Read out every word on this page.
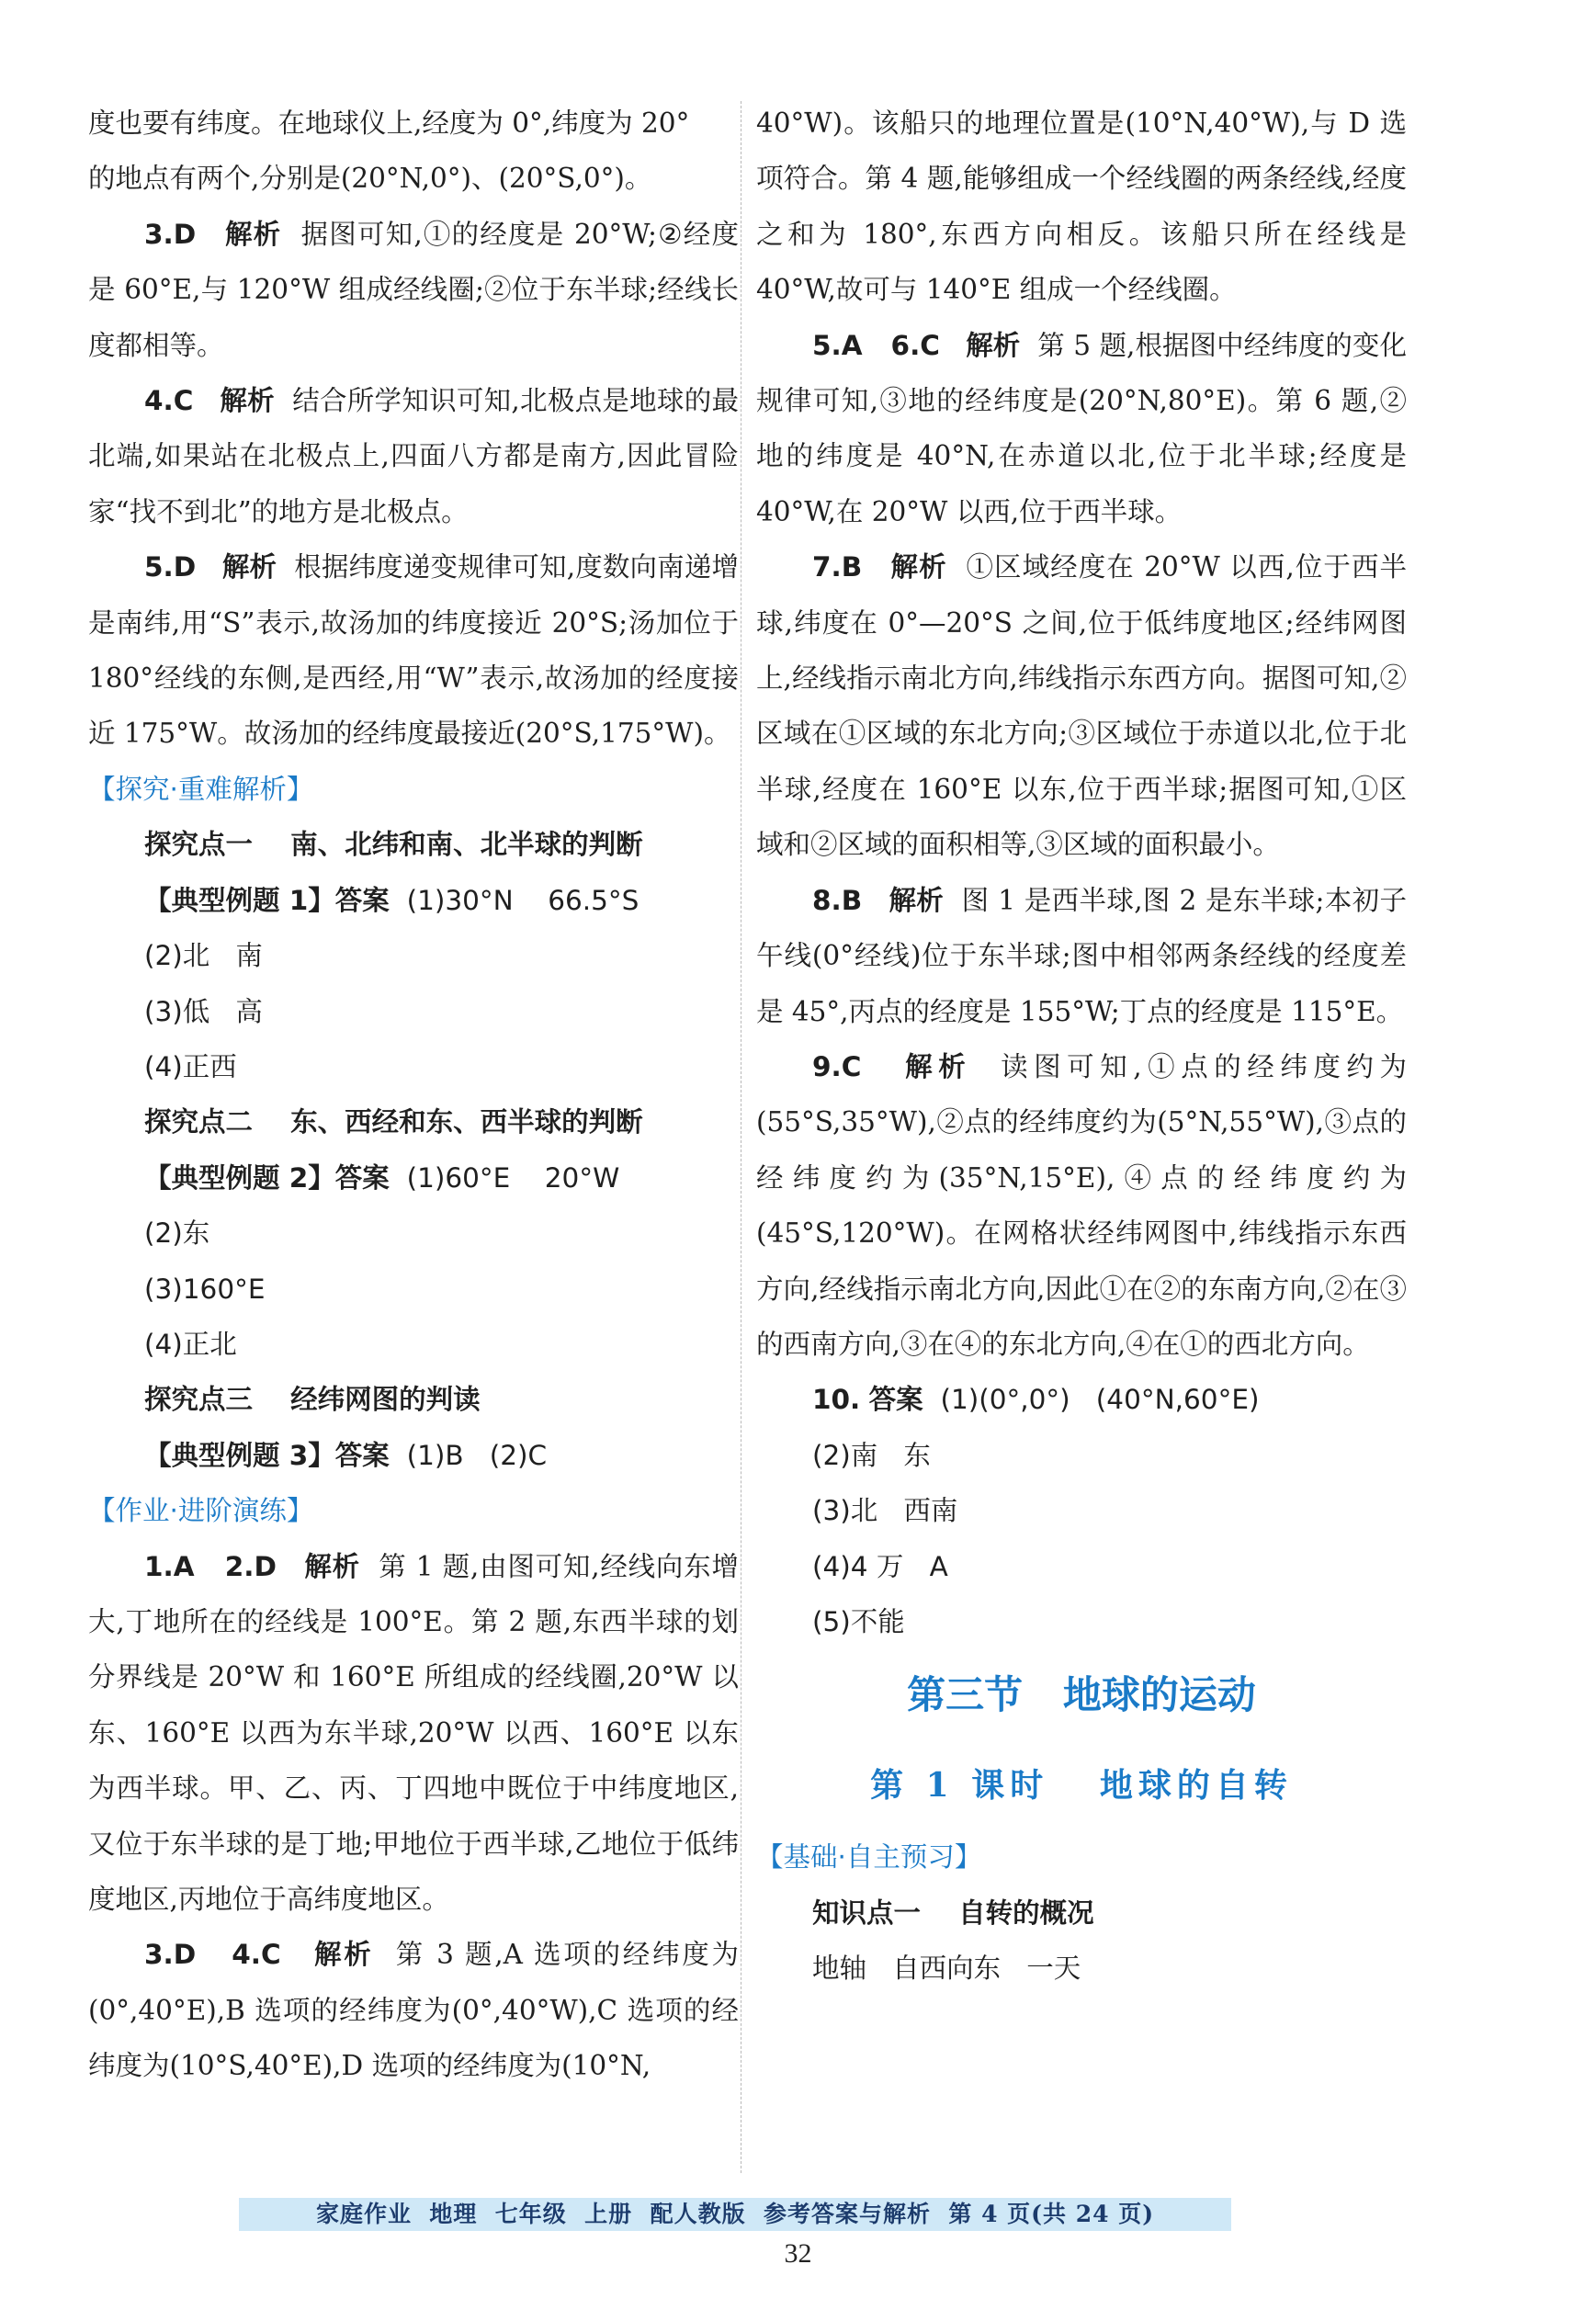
度也要有纬度。在地球仪上,经度为 0°,纬度为 20°

的地点有两个,分别是(20°N,0°)、(20°S,0°)。

3.D 解析 据图可知,①的经度是 20°W;②经度是 60°E,与 120°W 组成经线圈;②位于东半球;经线长度都相等。

4.C 解析 结合所学知识可知,北极点是地球的最北端,如果站在北极点上,四面八方都是南方,因此冒险家“找不到北”的地方是北极点。

5.D 解析 根据纬度递变规律可知,度数向南递增是南纬,用“S”表示,故汤加的纬度接近 20°S;汤加位于 180°经线的东侧,是西经,用“W”表示,故汤加的经度接近 175°W。故汤加的经纬度最接近(20°S,175°W)。

【探究·重难解析】

探究点一 南、北纬和南、北半球的判断

【典型例题 1】答案 (1)30°N    66.5°S

(2)北   南

(3)低   高

(4)正西

探究点二 东、西经和东、西半球的判断

【典型例题 2】答案 (1)60°E    20°W

(2)东

(3)160°E

(4)正北

探究点三 经纬网图的判读

【典型例题 3】答案 (1)B   (2)C

【作业·进阶演练】

1.A   2.D 解析 第 1 题,由图可知,经线向东增大,丁地所在的经线是 100°E。第 2 题,东西半球的划分界线是 20°W 和 160°E 所组成的经线圈,20°W 以东、160°E 以西为东半球,20°W 以西、160°E 以东为西半球。甲、乙、丙、丁四地中既位于中纬度地区,又位于东半球的是丁地;甲地位于西半球,乙地位于低纬度地区,丙地位于高纬度地区。

3.D   4.C 解析 第 3 题,A 选项的经纬度为(0°,40°E),B 选项的经纬度为(0°,40°W),C 选项的经纬度为(10°S,40°E),D 选项的经纬度为(10°N,

40°W)。该船只的地理位置是(10°N,40°W),与 D 选项符合。第 4 题,能够组成一个经线圈的两条经线,经度之和为 180°,东西方向相反。该船只所在经线是 40°W,故可与 140°E 组成一个经线圈。

5.A   6.C 解析 第 5 题,根据图中经纬度的变化规律可知,③地的经纬度是(20°N,80°E)。第 6 题,②地的纬度是 40°N,在赤道以北,位于北半球;经度是 40°W,在 20°W 以西,位于西半球。

7.B 解析 ①区域经度在 20°W 以西,位于西半球,纬度在 0°—20°S 之间,位于低纬度地区;经纬网图上,经线指示南北方向,纬线指示东西方向。据图可知,②区域在①区域的东北方向;③区域位于赤道以北,位于北半球,经度在 160°E 以东,位于西半球;据图可知,①区域和②区域的面积相等,③区域的面积最小。

8.B 解析 图 1 是西半球,图 2 是东半球;本初子午线(0°经线)位于东半球;图中相邻两条经线的经度差是 45°,丙点的经度是 155°W;丁点的经度是 115°E。

9.C 解析 读图可知,①点的经纬度约为(55°S,35°W),②点的经纬度约为(5°N,55°W),③点的经纬度约为(35°N,15°E),④点的经纬度约为(45°S,120°W)。在网格状经纬网图中,纬线指示东西方向,经线指示南北方向,因此①在②的东南方向,②在③的西南方向,③在④的东北方向,④在①的西北方向。

10. 答案 (1)(0°,0°)   (40°N,60°E)

(2)南   东

(3)北   西南

(4)4 万   A

(5)不能

第三节   地球的运动
第 1 课时   地球的自转

【基础·自主预习】

知识点一 自转的概况

地轴   自西向东   一天

家庭作业  地理  七年级  上册  配人教版  参考答案与解析  第 4 页(共 24 页)
32
